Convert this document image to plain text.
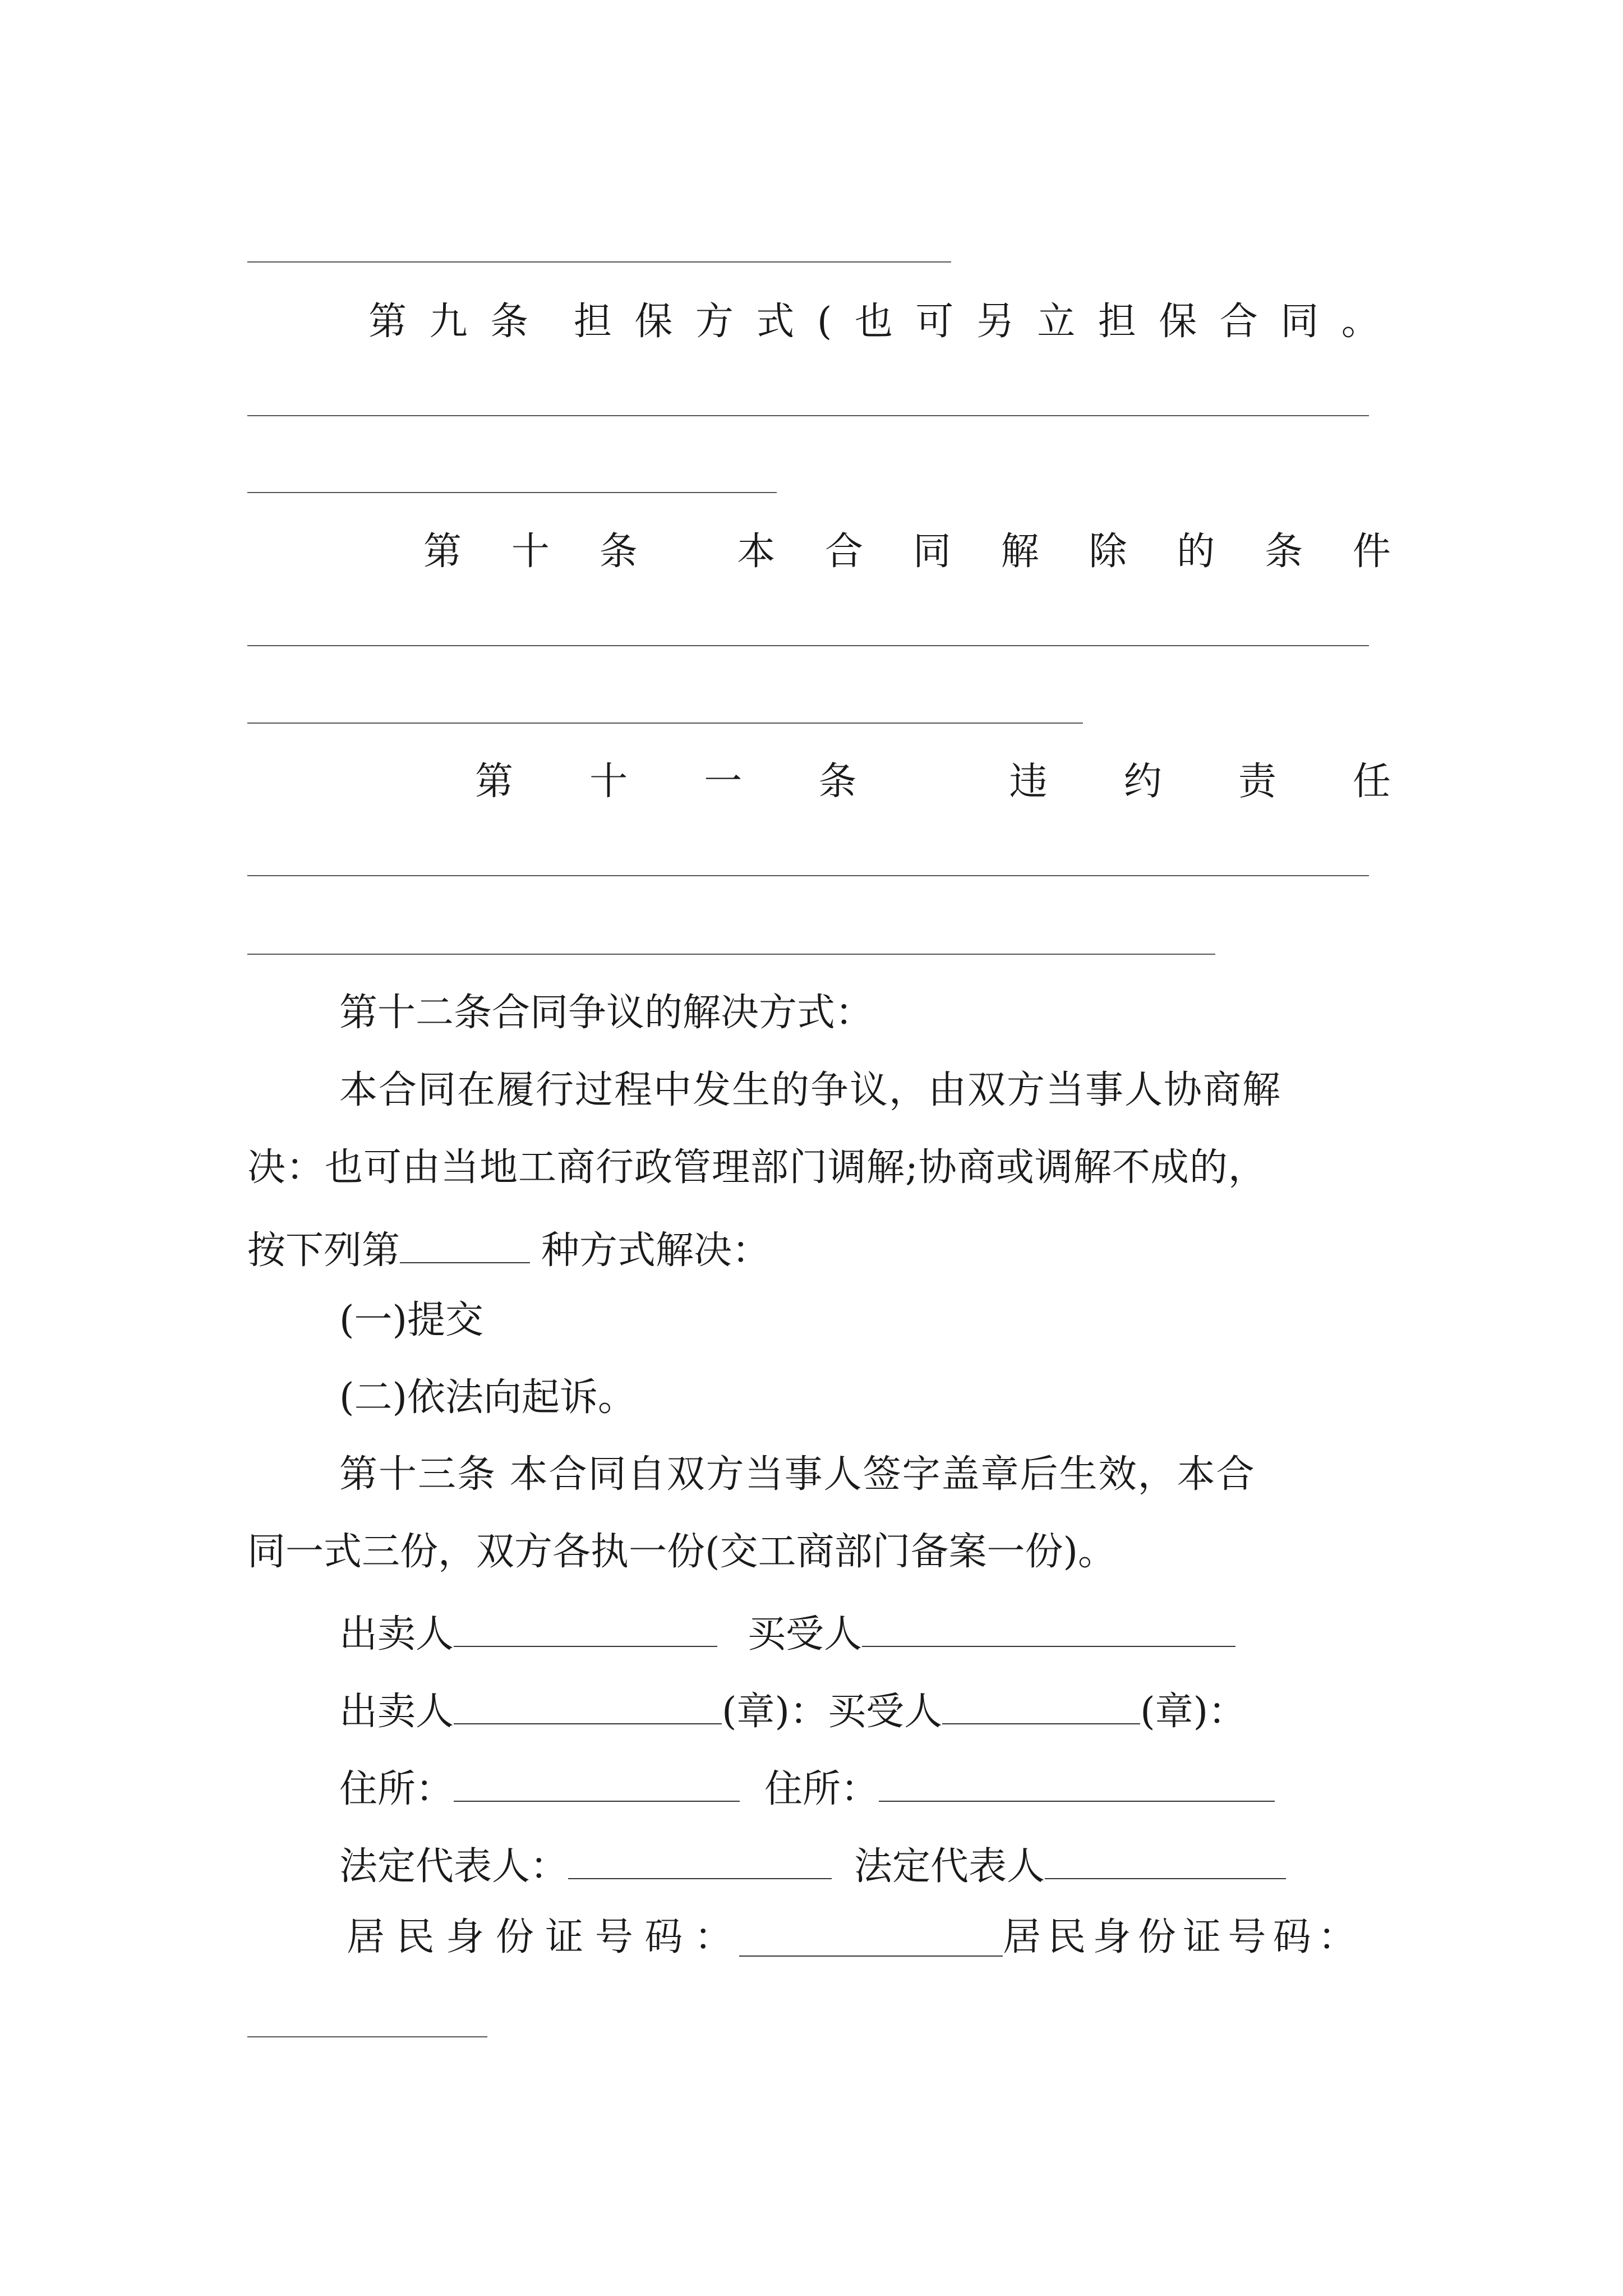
第 九 条 担 保 方 式 ( 也 可 另 立 担 保 合 同 。
第 十 条	本 合 同 解 除 的 条 件
第 十 一 条	违 约 责 任

第十二条合同争议的解决方式：

本合同在履行过程中发生的争议，由双方当事人协商解

决：也可由当地工商行政管理部门调解;协商或调解不成的，

按下列第	种方式解决：

(一)提交

(二)依法向起诉。

第十三条 本合同自双方当事人签字盖章后生效，本合

同一式三份，双方各执一份(交工商部门备案一份)。

出卖人	买受人

出卖人	(章)：买受人	(章)：

住所：	住所：

法定代表人：	法定代表人

居 民 身 份 证 号 码 ：	居 民 身 份 证 号 码 ：
